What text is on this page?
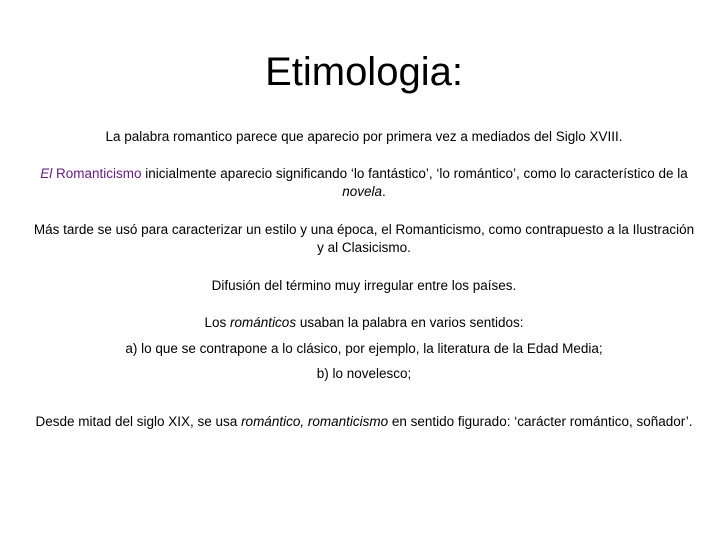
Etimologia:

La palabra romantico parece que aparecio por primera vez a mediados del Siglo XVIII.

El Romanticismo inicialmente aparecio significando ‘lo fantástico’, ‘lo romántico’, como lo característico de la novela.

Más tarde se usó para caracterizar un estilo y una época, el Romanticismo, como contrapuesto a la Ilustración y al Clasicismo.

Difusión del término muy irregular entre los países.

Los románticos usaban la palabra en varios sentidos:

a) lo que se contrapone a lo clásico, por ejemplo, la literatura de la Edad Media;

b) lo novelesco;

Desde mitad del siglo XIX, se usa romántico, romanticismo en sentido figurado: ‘carácter romántico, soñador’.
